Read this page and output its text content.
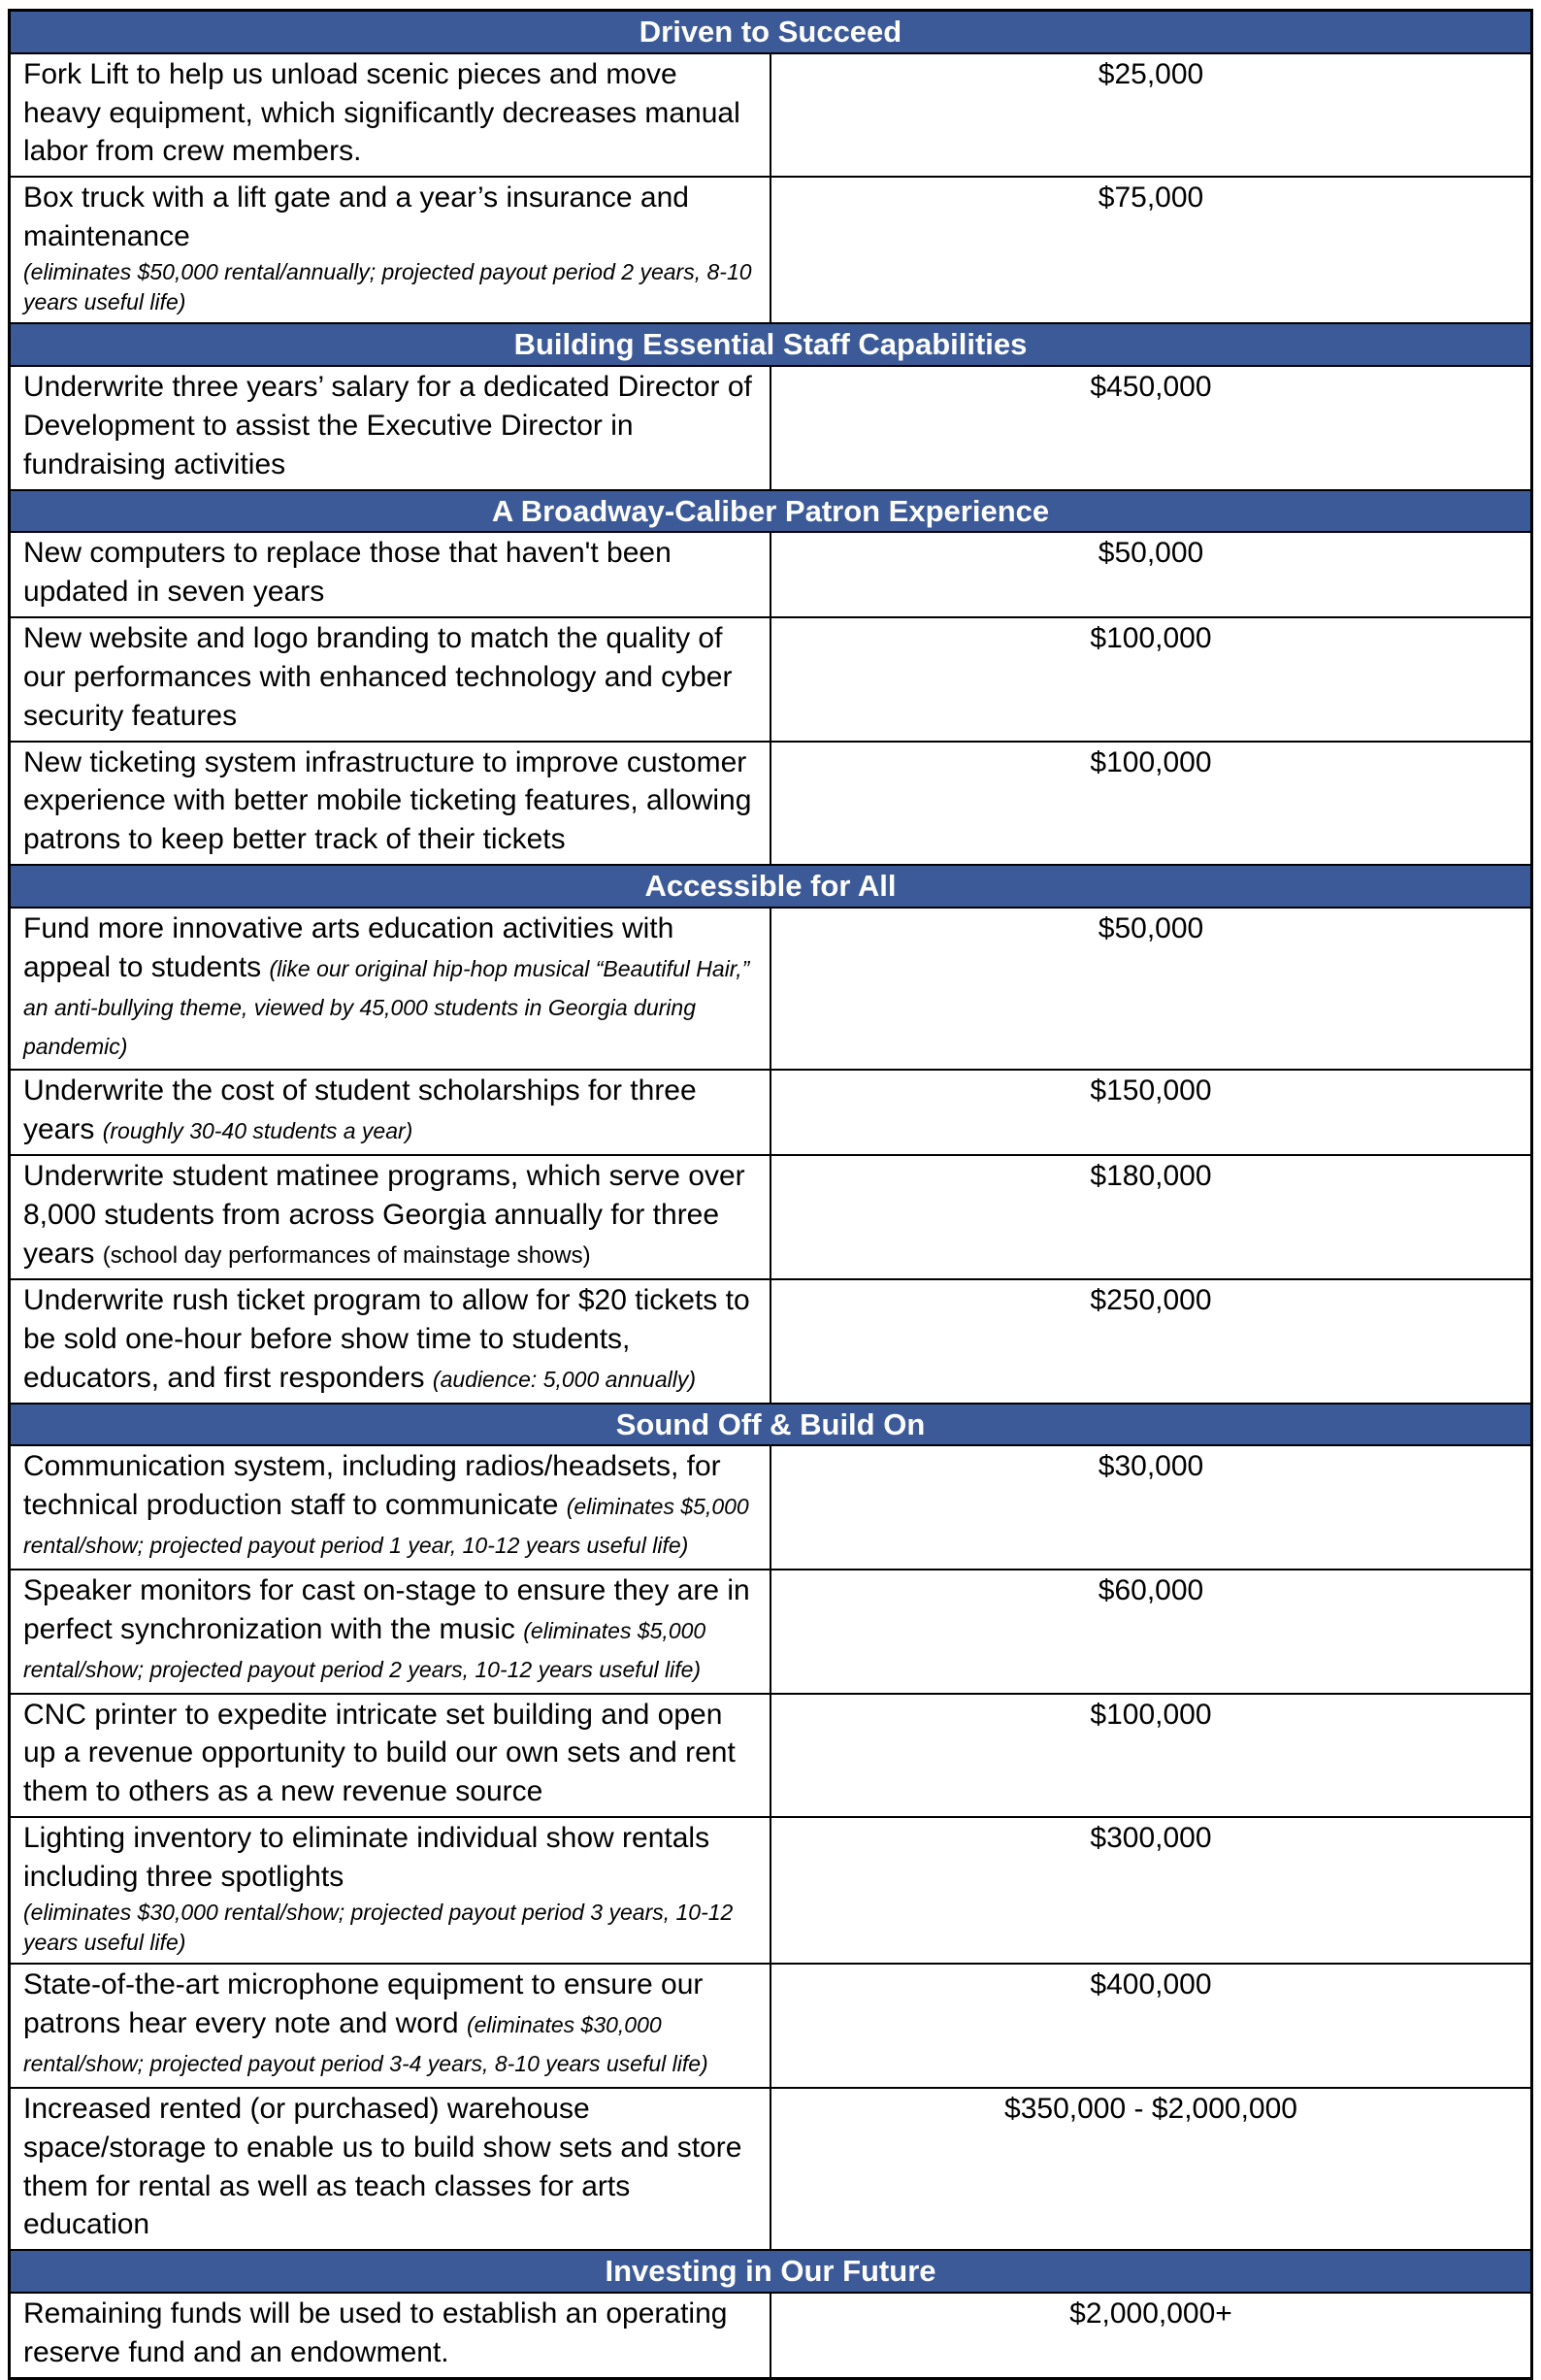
Driven to Succeed	
Fork Lift to help us unload scenic pieces and move heavy equipment, which significantly decreases manual labor from crew members.	$25,000
Box truck with a lift gate and a year’s insurance and maintenance
(eliminates $50,000 rental/annually; projected payout period 2 years, 8-10 years useful life)	$75,000
Building Essential Staff Capabilities	
Underwrite three years’ salary for a dedicated Director of Development to assist the Executive Director in fundraising activities	$450,000
A Broadway-Caliber Patron Experience	
New computers to replace those that haven't been updated in seven years	$50,000
New website and logo branding to match the quality of our performances with enhanced technology and cyber security features	$100,000
New ticketing system infrastructure to improve customer experience with better mobile ticketing features, allowing patrons to keep better track of their tickets	$100,000
Accessible for All	
Fund more innovative arts education activities with appeal to students (like our original hip-hop musical “Beautiful Hair,” an anti-bullying theme, viewed by 45,000 students in Georgia during pandemic)	$50,000
Underwrite the cost of student scholarships for three years (roughly 30-40 students a year)	$150,000
Underwrite student matinee programs, which serve over 8,000 students from across Georgia annually for three years (school day performances of mainstage shows)	$180,000
Underwrite rush ticket program to allow for $20 tickets to be sold one-hour before show time to students, educators, and first responders (audience: 5,000 annually)	$250,000
Sound Off & Build On	
Communication system, including radios/headsets, for technical production staff to communicate (eliminates $5,000 rental/show; projected payout period 1 year, 10-12 years useful life)	$30,000
Speaker monitors for cast on-stage to ensure they are in perfect synchronization with the music (eliminates $5,000 rental/show; projected payout period 2 years, 10-12 years useful life)	$60,000
CNC printer to expedite intricate set building and open up a revenue opportunity to build our own sets and rent them to others as a new revenue source	$100,000
Lighting inventory to eliminate individual show rentals including three spotlights
(eliminates $30,000 rental/show; projected payout period 3 years, 10-12 years useful life)	$300,000
State-of-the-art microphone equipment to ensure our patrons hear every note and word (eliminates $30,000 rental/show; projected payout period 3-4 years, 8-10 years useful life)	$400,000
Increased rented (or purchased) warehouse space/storage to enable us to build show sets and store them for rental as well as teach classes for arts education	$350,000 - $2,000,000
Investing in Our Future	
Remaining funds will be used to establish an operating reserve fund and an endowment.	$2,000,000+
